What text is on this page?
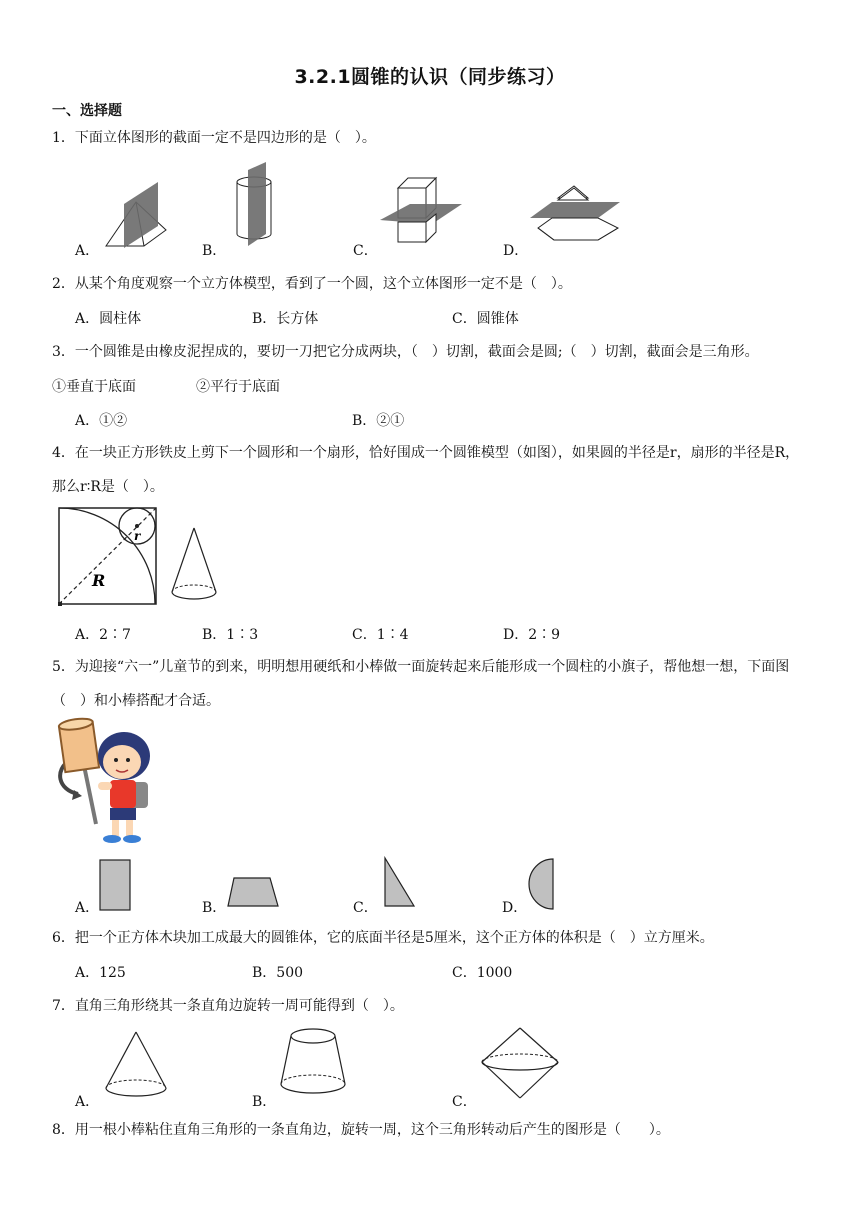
3.2.1圆锥的认识（同步练习）
一、选择题
1．下面立体图形的截面一定不是四边形的是（　）。
A．	B．	C．	D．
2．从某个角度观察一个立方体模型，看到了一个圆，这个立体图形一定不是（　）。
A．圆柱体	B．长方体	C．圆锥体
3．一个圆锥是由橡皮泥捏成的，要切一刀把它分成两块，（　）切割，截面会是圆;（　）切割，截面会是三角形。
①垂直于底面	②平行于底面
A．①②	B．②①
4．在一块正方形铁皮上剪下一个圆形和一个扇形，恰好围成一个圆锥模型（如图），如果圆的半径是r，扇形的半径是R，那么r∶R是（　）。
r
R
A．2∶7	B．1∶3	C．1∶4	D．2∶9
5．为迎接“六一”儿童节的到来，明明想用硬纸和小棒做一面旋转起来后能形成一个圆柱的小旗子，帮他想一想，下面图（　）和小棒搭配才合适。
A．	B．	C．	D．
6．把一个正方体木块加工成最大的圆锥体，它的底面半径是5厘米，这个正方体的体积是（　）立方厘米。
A．125	B．500	C．1000
7．直角三角形绕其一条直角边旋转一周可能得到（　）。
A．	B．	C．
8．用一根小棒粘住直角三角形的一条直角边，旋转一周，这个三角形转动后产生的图形是（　　）。
